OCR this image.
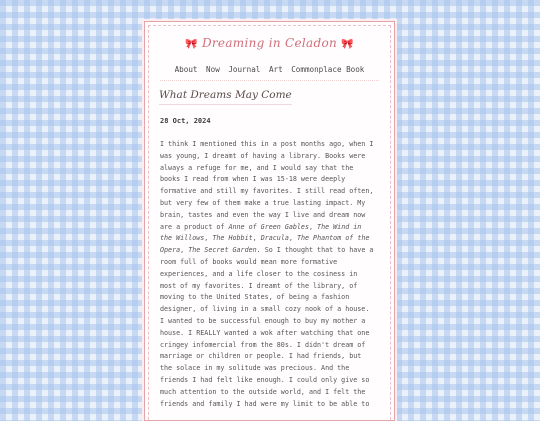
🎀 Dreaming in Celadon 🎀
About Now Journal Art Commonplace Book
What Dreams May Come
28 Oct, 2024
I think I mentioned this in a post months ago, when I
was young, I dreamt of having a library. Books were
always a refuge for me, and I would say that the
books I read from when I was 15-18 were deeply
formative and still my favorites. I still read often,
but very few of them make a true lasting impact. My
brain, tastes and even the way I live and dream now
are a product of Anne of Green Gables, The Wind in
the Willows, The Hobbit, Dracula, The Phantom of the
Opera, The Secret Garden. So I thought that to have a
room full of books would mean more formative
experiences, and a life closer to the cosiness in
most of my favorites. I dreamt of the library, of
moving to the United States, of being a fashion
designer, of living in a small cozy nook of a house.
I wanted to be successful enough to buy my mother a
house. I REALLY wanted a wok after watching that one
cringey infomercial from the 80s. I didn't dream of
marriage or children or people. I had friends, but
the solace in my solitude was precious. And the
friends I had felt like enough. I could only give so
much attention to the outside world, and I felt the
friends and family I had were my limit to be able to
